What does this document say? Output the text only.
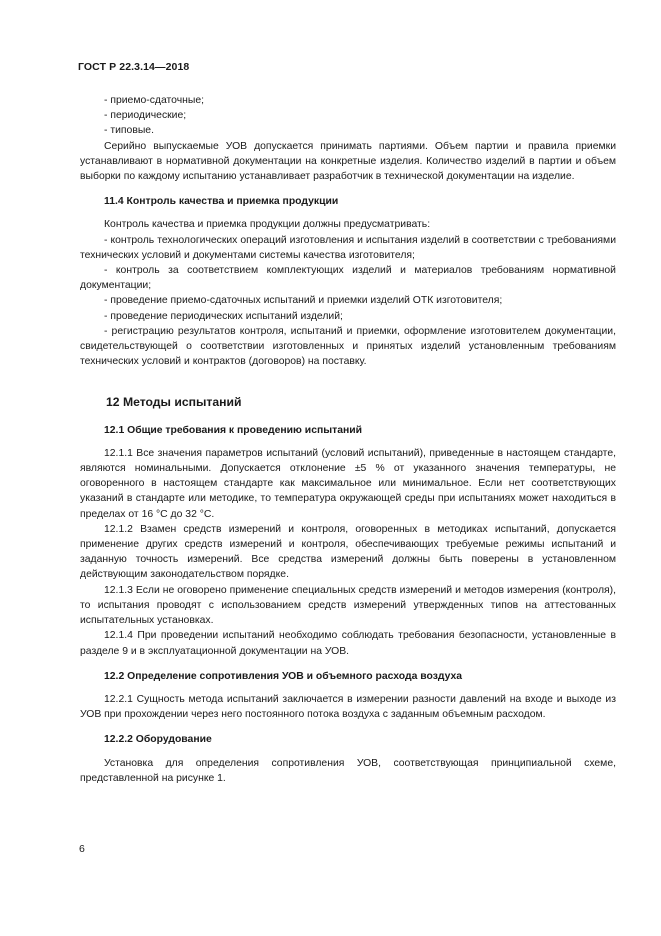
ГОСТ Р 22.3.14—2018

- приемо-сдаточные;

- периодические;

- типовые.

Серийно выпускаемые УОВ допускается принимать партиями. Объем партии и правила приемки устанавливают в нормативной документации на конкретные изделия. Количество изделий в партии и объем выборки по каждому испытанию устанавливает разработчик в технической документации на изделие.

11.4 Контроль качества и приемка продукции

Контроль качества и приемка продукции должны предусматривать:

- контроль технологических операций изготовления и испытания изделий в соответствии с требованиями технических условий и документами системы качества изготовителя;

- контроль за соответствием комплектующих изделий и материалов требованиям нормативной документации;

- проведение приемо-сдаточных испытаний и приемки изделий ОТК изготовителя;

- проведение периодических испытаний изделий;

- регистрацию результатов контроля, испытаний и приемки, оформление изготовителем документации, свидетельствующей о соответствии изготовленных и принятых изделий установленным требованиям технических условий и контрактов (договоров) на поставку.

12 Методы испытаний

12.1 Общие требования к проведению испытаний

12.1.1 Все значения параметров испытаний (условий испытаний), приведенные в настоящем стандарте, являются номинальными. Допускается отклонение ±5 % от указанного значения температуры, не оговоренного в настоящем стандарте как максимальное или минимальное. Если нет соответствующих указаний в стандарте или методике, то температура окружающей среды при испытаниях может находиться в пределах от 16 °С до 32 °С.

12.1.2 Взамен средств измерений и контроля, оговоренных в методиках испытаний, допускается применение других средств измерений и контроля, обеспечивающих требуемые режимы испытаний и заданную точность измерений. Все средства измерений должны быть поверены в установленном действующим законодательством порядке.

12.1.3 Если не оговорено применение специальных средств измерений и методов измерения (контроля), то испытания проводят с использованием средств измерений утвержденных типов на аттестованных испытательных установках.

12.1.4 При проведении испытаний необходимо соблюдать требования безопасности, установленные в разделе 9 и в эксплуатационной документации на УОВ.

12.2 Определение сопротивления УОВ и объемного расхода воздуха

12.2.1 Сущность метода испытаний заключается в измерении разности давлений на входе и выходе из УОВ при прохождении через него постоянного потока воздуха с заданным объемным расходом.

12.2.2 Оборудование

Установка для определения сопротивления УОВ, соответствующая принципиальной схеме, представленной на рисунке 1.

6
